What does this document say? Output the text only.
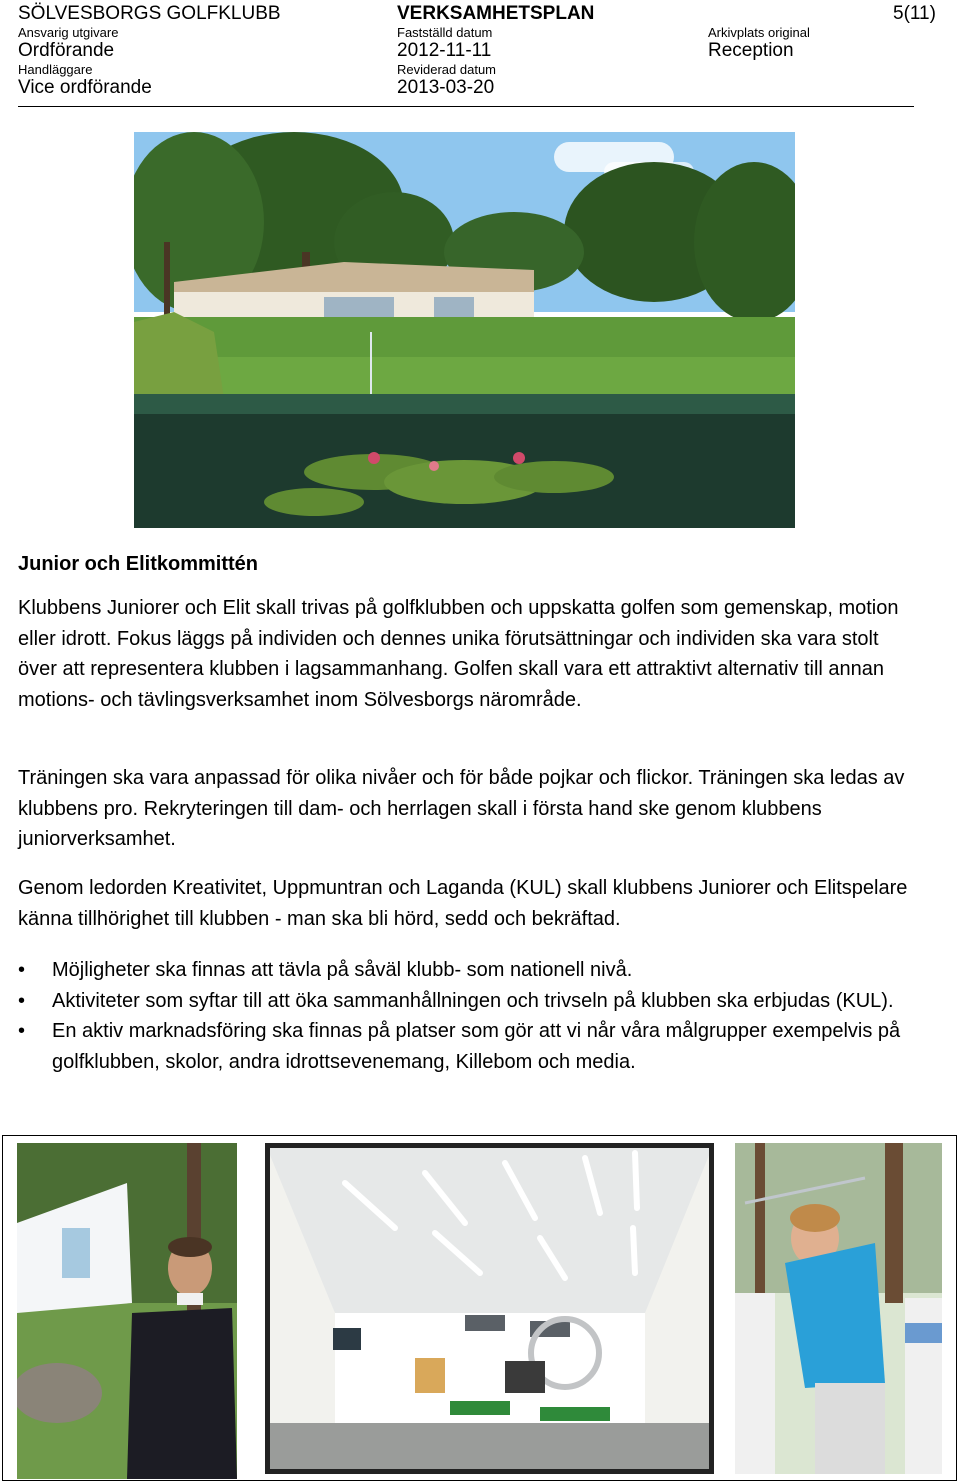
SÖLVESBORGS GOLFKLUBB	VERKSAMHETSPLAN	5(11)
Ansvarig utgivare	Fastställd datum	Arkivplats original
Ordförande	2012-11-11	Reception
Handläggare	Reviderad datum
Vice ordförande	2013-03-20
Junior och Elitkommittén

Klubbens Juniorer och Elit skall trivas på golfklubben och uppskatta golfen som gemenskap, motion eller idrott. Fokus läggs på individen och dennes unika förutsättningar och individen ska vara stolt över att representera klubben i lagsammanhang. Golfen skall vara ett attraktivt alternativ till annan motions- och tävlingsverksamhet inom Sölvesborgs närområde.

Träningen ska vara anpassad för olika nivåer och för både pojkar och flickor. Träningen ska ledas av klubbens pro. Rekryteringen till dam- och herrlagen skall i första hand ske genom klubbens juniorverksamhet.

Genom ledorden Kreativitet, Uppmuntran och Laganda (KUL) skall klubbens Juniorer och Elitspelare känna tillhörighet till klubben - man ska bli hörd, sedd och bekräftad.

• Möjligheter ska finnas att tävla på såväl klubb- som nationell nivå.
• Aktiviteter som syftar till att öka sammanhållningen och trivseln på klubben ska erbjudas (KUL).
• En aktiv marknadsföring ska finnas på platser som gör att vi når våra målgrupper exempelvis på golfklubben, skolor, andra idrottsevenemang, Killebom och media.
